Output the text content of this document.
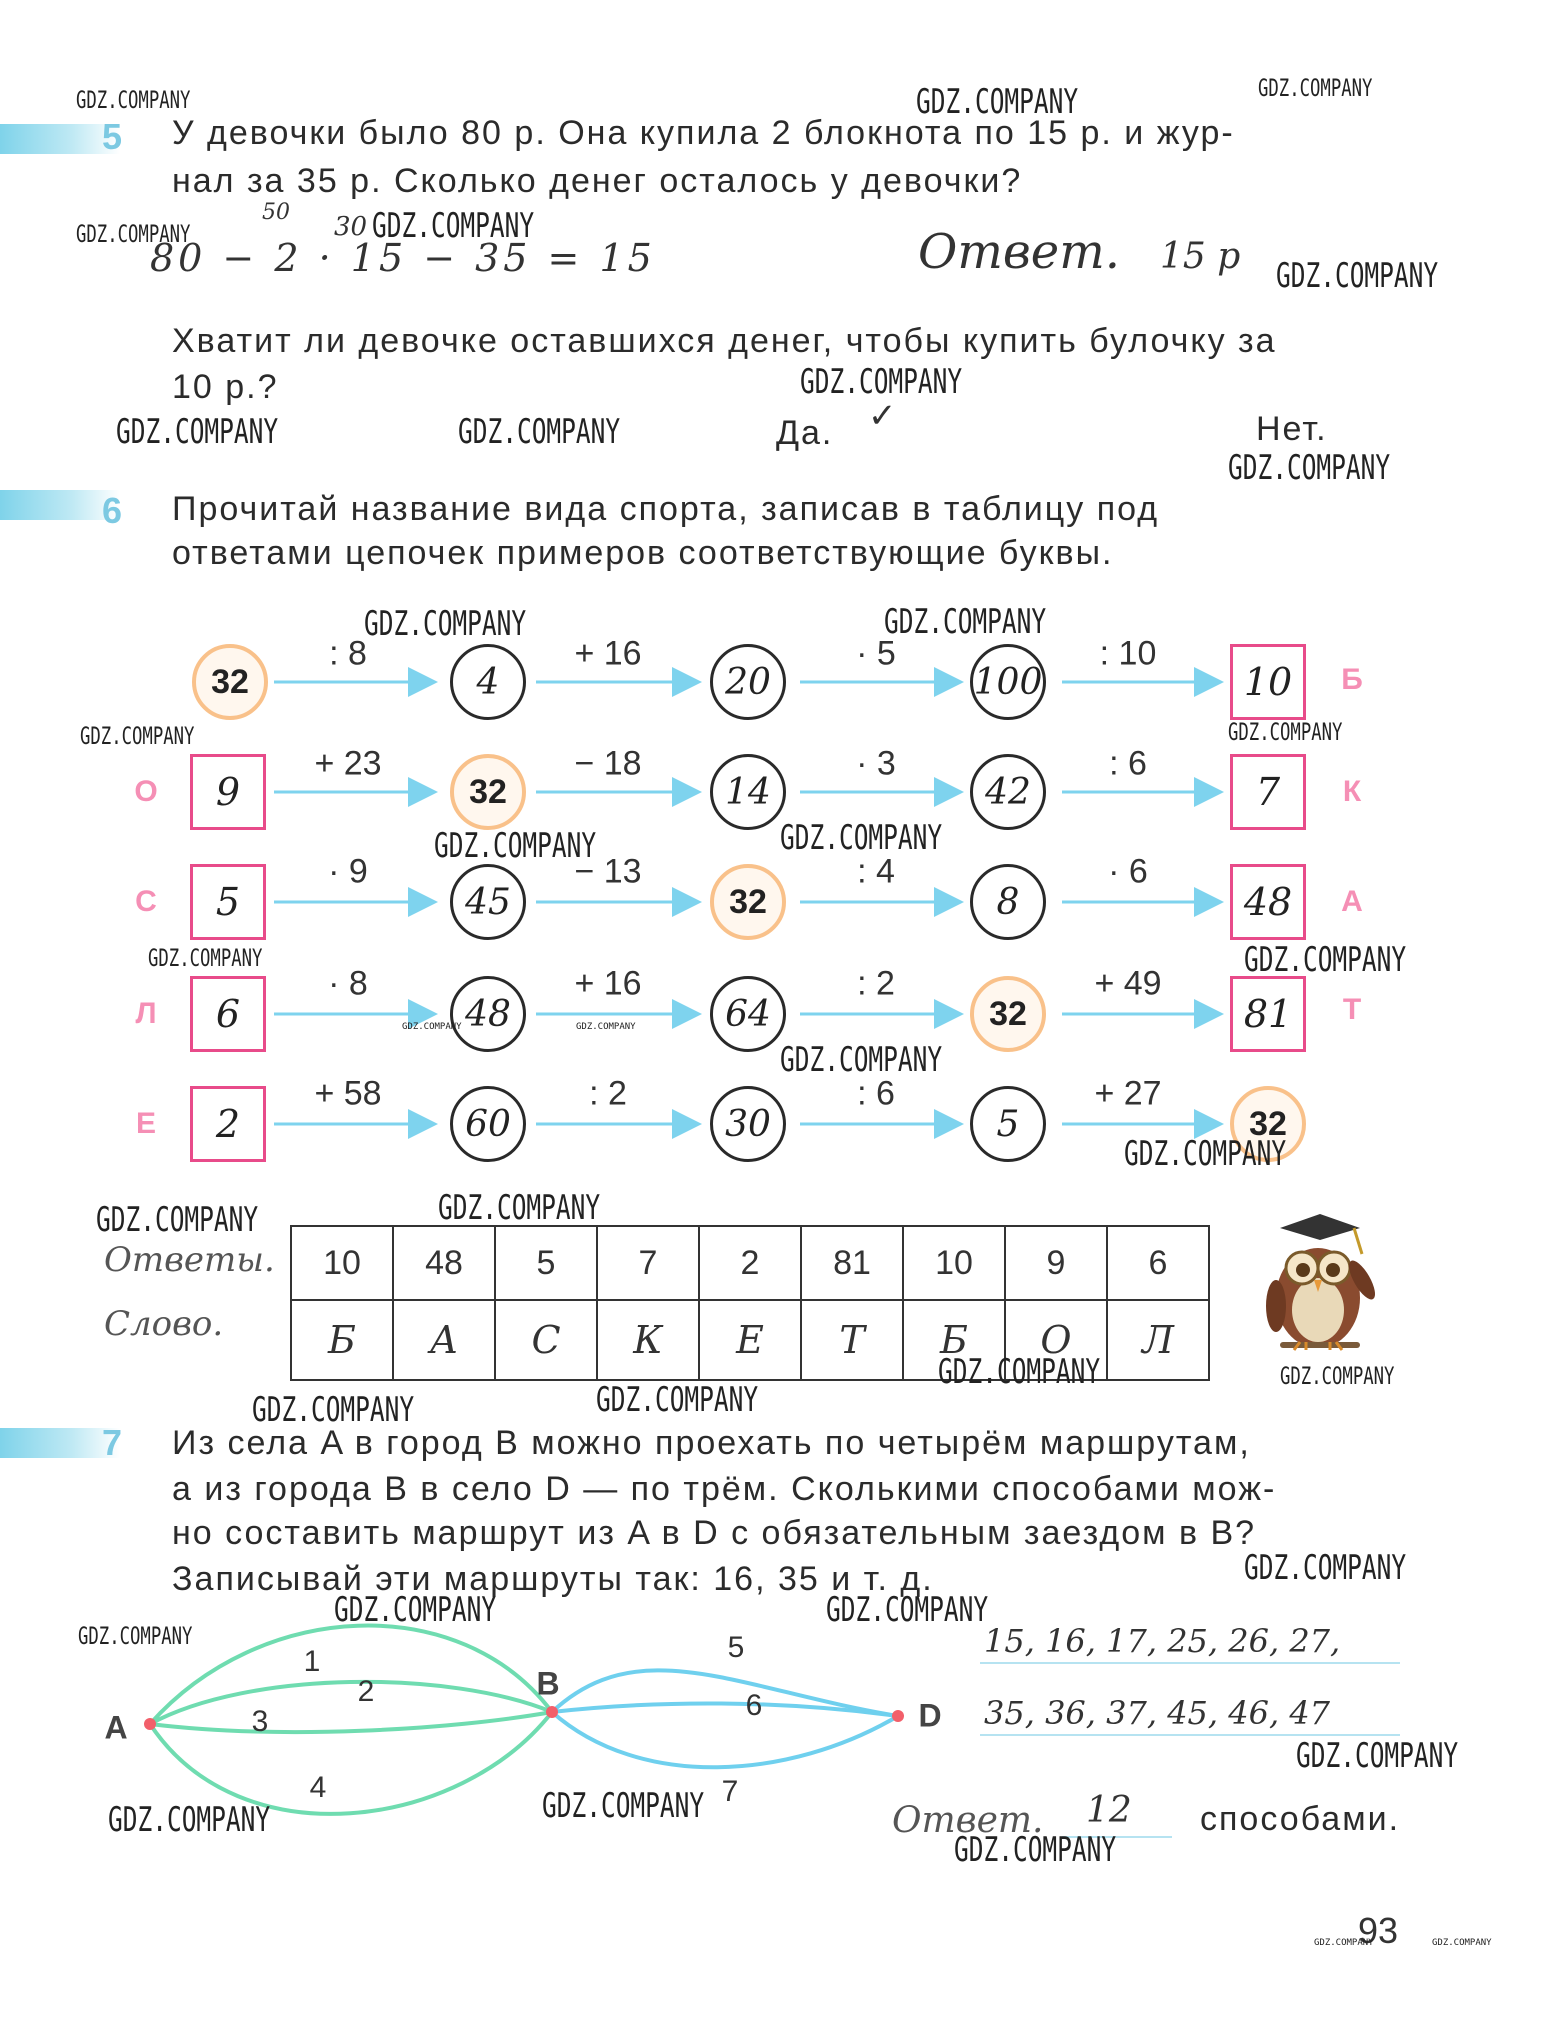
5 У девочки было 80 р. Она купила 2 блокнота по 15 р. и жур-
нал за 35 р. Сколько денег осталось у девочки?
50 30
80 − 2 · 15 − 35 = 15	Ответ. 15 р
Хватит ли девочке оставшихся денег, чтобы купить булочку за
10 р.?
Да. ✓	Нет.
6 Прочитай название вида спорта, записав в таблицу под
ответами цепочек примеров соответствующие буквы.
32
: 8
4
+ 16
20
· 5
100
: 10
10	Б
О	9
+ 23
32
− 18
14
· 3
42
: 6
7	К
С	5
· 9
45
− 13
32
: 4
8
· 6
48	А
Л	6
· 8
48
+ 16
64
: 2
32
+ 49
81	Т
Е	2
+ 58
60
: 2
30
: 6
5
+ 27
32
Ответы.
Слово.
10	48	5	7	2	81	10	9	6
Б	А	С	К	Е	Т	Б	О	Л
7 Из села A в город B можно проехать по четырём маршрутам,
а из города B в село D — по трём. Сколькими способами мож-
но составить маршрут из A в D с обязательным заездом в B?
Записывай эти маршруты так: 16, 35 и т. д.
A
B
D
1
2
3
4
5
6
7
15, 16, 17, 25, 26, 27,
35, 36, 37, 45, 46, 47
Ответ. 12 способами.
93
GDZ.COMPANY	GDZ.COMPANY	GDZ.COMPANY
GDZ.COMPANY	GDZ.COMPANY
GDZ.COMPANY
GDZ.COMPANY
GDZ.COMPANY	GDZ.COMPANY
GDZ.COMPANY
GDZ.COMPANY	GDZ.COMPANY
GDZ.COMPANY	GDZ.COMPANY
GDZ.COMPANY	GDZ.COMPANY
GDZ.COMPANY	GDZ.COMPANY
GDZ.COMPANY	GDZ.COMPANY
GDZ.COMPANY
GDZ.COMPANY
GDZ.COMPANY	GDZ.COMPANY
GDZ.COMPANY	GDZ.COMPANY
GDZ.COMPANY	GDZ.COMPANY
GDZ.COMPANY
GDZ.COMPANY	GDZ.COMPANY
GDZ.COMPANY
GDZ.COMPANY
GDZ.COMPANY	GDZ.COMPANY
GDZ.COMPANY
GDZ.COMPANY	GDZ.COMPANY
